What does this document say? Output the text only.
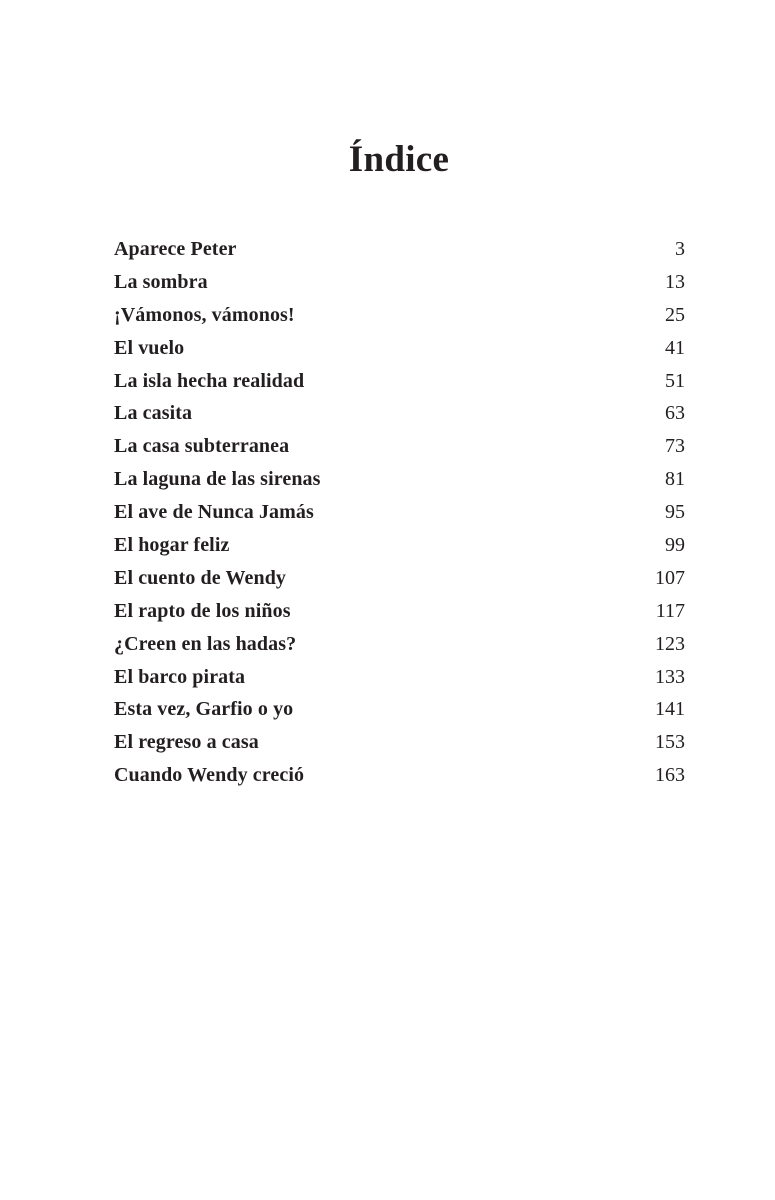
Índice
Aparece Peter	3
La sombra	13
¡Vámonos, vámonos!	25
El vuelo	41
La isla hecha realidad	51
La casita	63
La casa subterranea	73
La laguna de las sirenas	81
El ave de Nunca Jamás	95
El hogar feliz	99
El cuento de Wendy	107
El rapto de los niños	117
¿Creen en las hadas?	123
El barco pirata	133
Esta vez, Garfio o yo	141
El regreso a casa	153
Cuando Wendy creció	163
